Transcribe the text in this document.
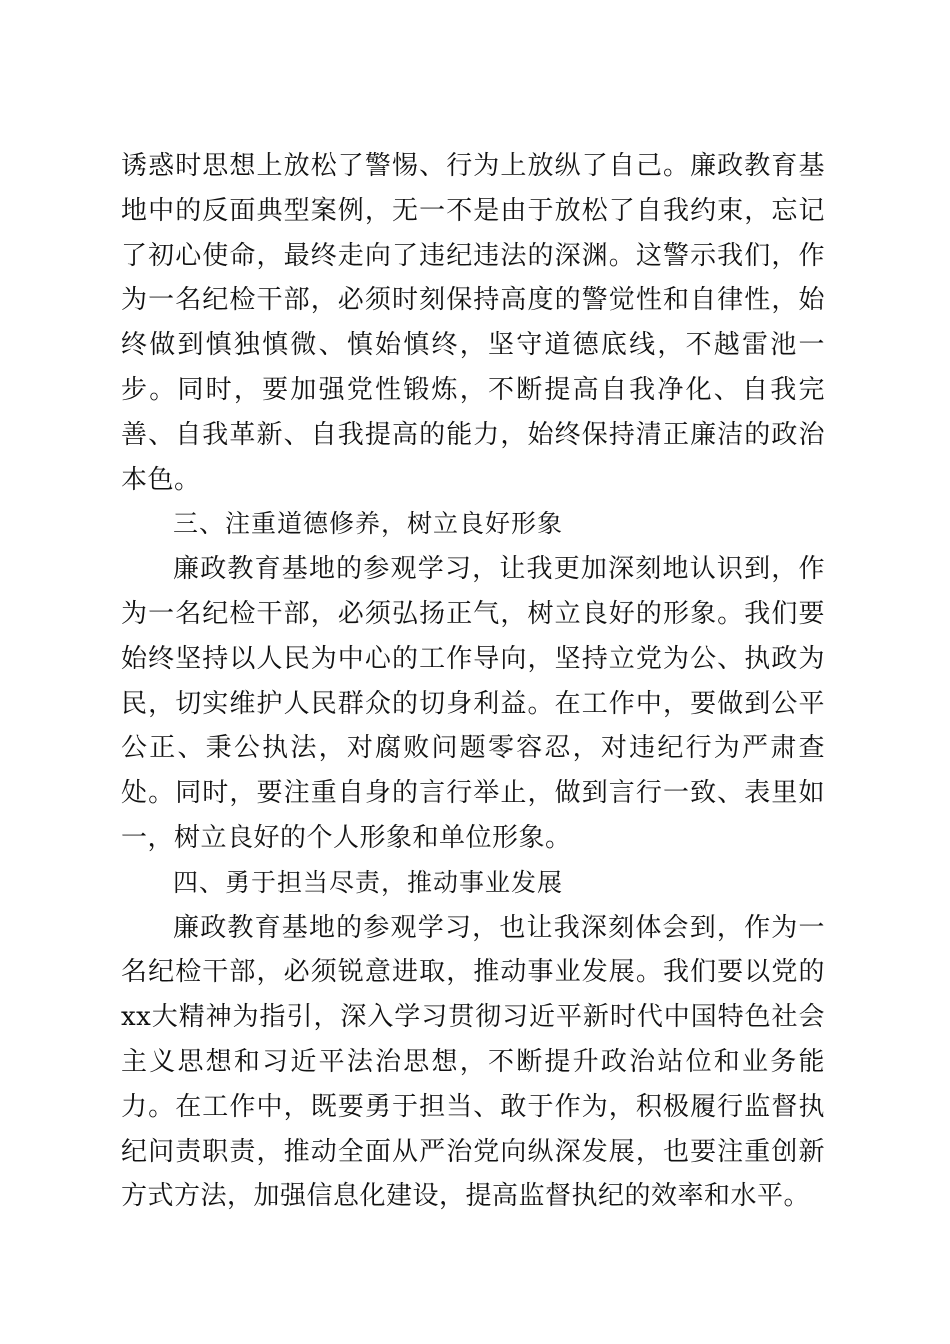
诱惑时思想上放松了警惕、行为上放纵了自己。廉政教育基地中的反面典型案例，无一不是由于放松了自我约束，忘记了初心使命，最终走向了违纪违法的深渊。这警示我们，作为一名纪检干部，必须时刻保持高度的警觉性和自律性，始终做到慎独慎微、慎始慎终，坚守道德底线，不越雷池一步。同时，要加强党性锻炼，不断提高自我净化、自我完善、自我革新、自我提高的能力，始终保持清正廉洁的政治本色。

三、注重道德修养，树立良好形象

廉政教育基地的参观学习，让我更加深刻地认识到，作为一名纪检干部，必须弘扬正气，树立良好的形象。我们要始终坚持以人民为中心的工作导向，坚持立党为公、执政为民，切实维护人民群众的切身利益。在工作中，要做到公平公正、秉公执法，对腐败问题零容忍，对违纪行为严肃查处。同时，要注重自身的言行举止，做到言行一致、表里如一，树立良好的个人形象和单位形象。

四、勇于担当尽责，推动事业发展

廉政教育基地的参观学习，也让我深刻体会到，作为一名纪检干部，必须锐意进取，推动事业发展。我们要以党的xx大精神为指引，深入学习贯彻习近平新时代中国特色社会主义思想和习近平法治思想，不断提升政治站位和业务能力。在工作中，既要勇于担当、敢于作为，积极履行监督执纪问责职责，推动全面从严治党向纵深发展，也要注重创新方式方法，加强信息化建设，提高监督执纪的效率和水平。
